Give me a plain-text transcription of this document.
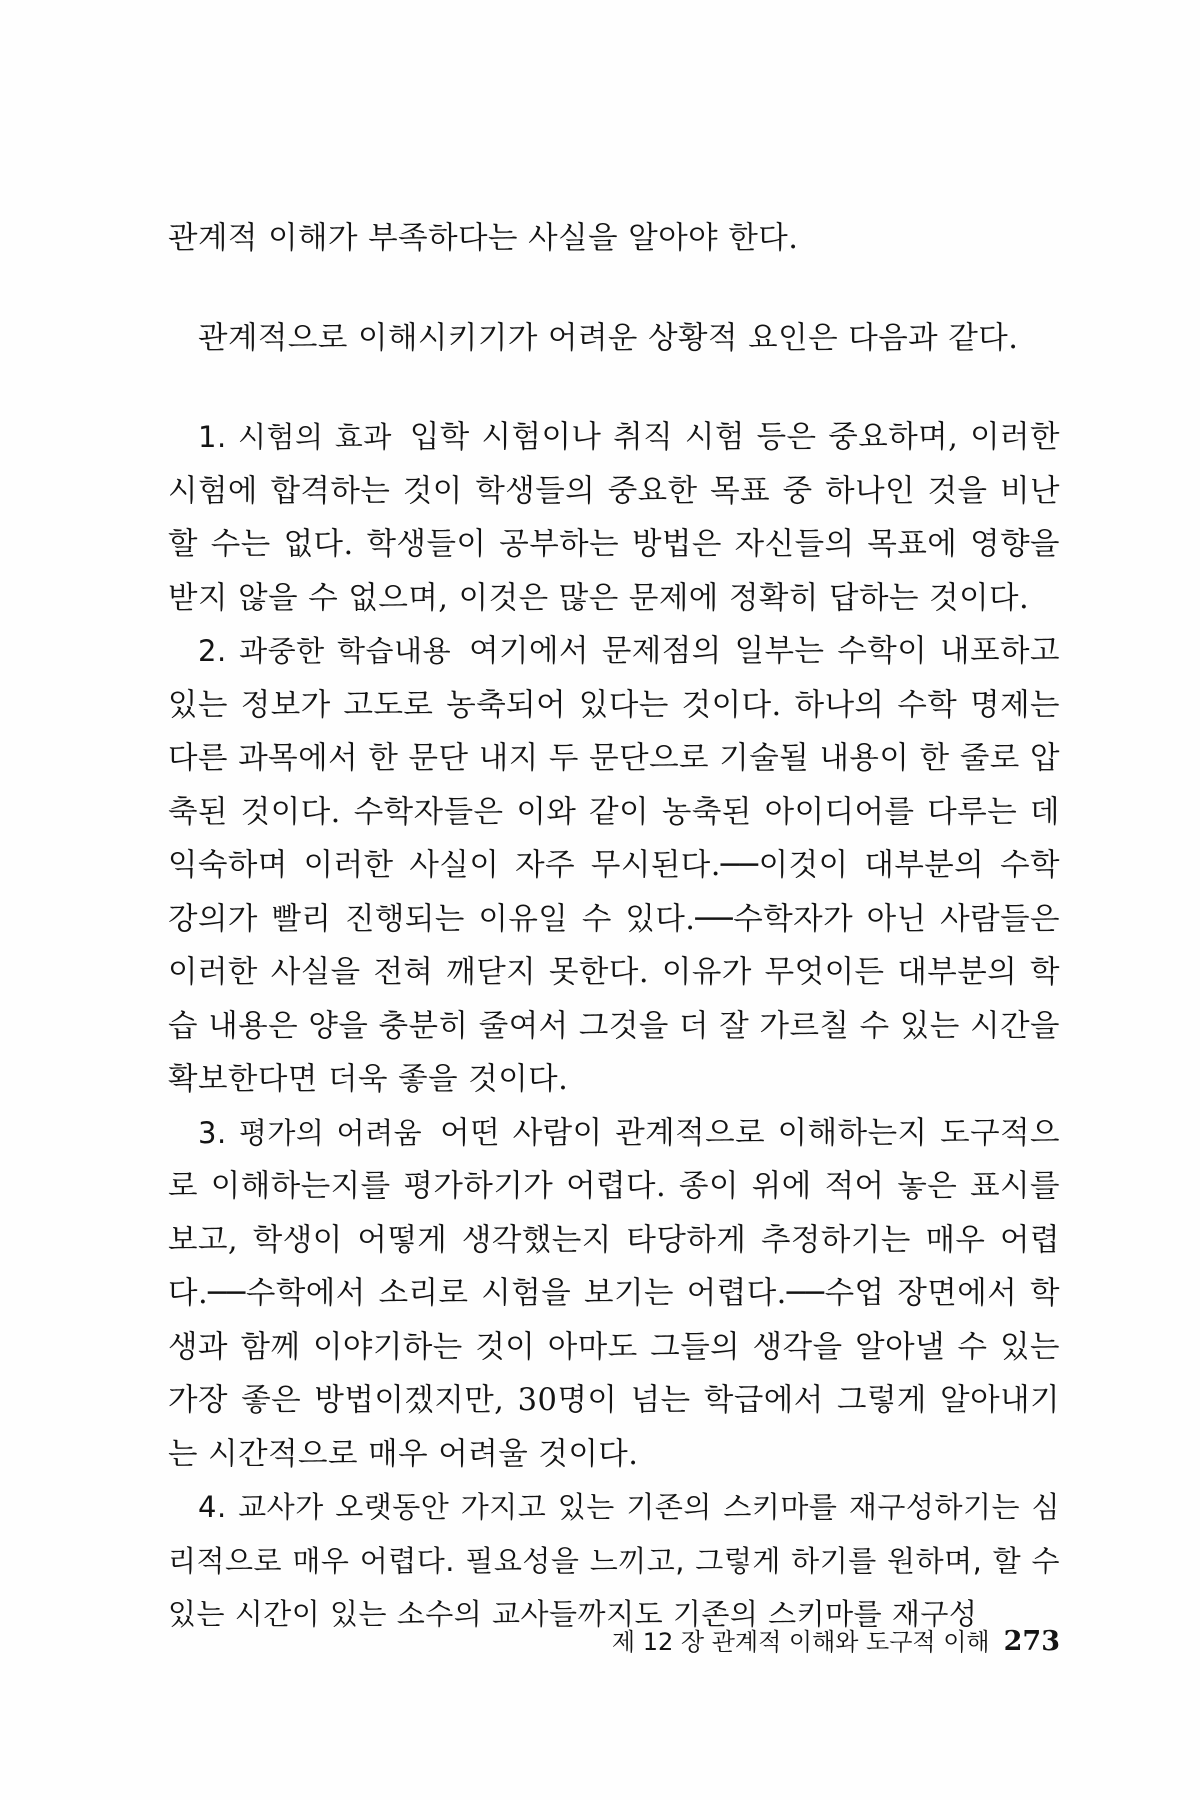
관계적 이해가 부족하다는 사실을 알아야 한다.

관계적으로 이해시키기가 어려운 상황적 요인은 다음과 같다.

1. 시험의 효과 입학 시험이나 취직 시험 등은 중요하며, 이러한 시험에 합격하는 것이 학생들의 중요한 목표 중 하나인 것을 비난할 수는 없다. 학생들이 공부하는 방법은 자신들의 목표에 영향을 받지 않을 수 없으며, 이것은 많은 문제에 정확히 답하는 것이다.

2. 과중한 학습내용 여기에서 문제점의 일부는 수학이 내포하고 있는 정보가 고도로 농축되어 있다는 것이다. 하나의 수학 명제는 다른 과목에서 한 문단 내지 두 문단으로 기술될 내용이 한 줄로 압축된 것이다. 수학자들은 이와 같이 농축된 아이디어를 다루는 데 익숙하며 이러한 사실이 자주 무시된다.──이것이 대부분의 수학 강의가 빨리 진행되는 이유일 수 있다.──수학자가 아닌 사람들은 이러한 사실을 전혀 깨닫지 못한다. 이유가 무엇이든 대부분의 학습 내용은 양을 충분히 줄여서 그것을 더 잘 가르칠 수 있는 시간을 확보한다면 더욱 좋을 것이다.

3. 평가의 어려움 어떤 사람이 관계적으로 이해하는지 도구적으로 이해하는지를 평가하기가 어렵다. 종이 위에 적어 놓은 표시를 보고, 학생이 어떻게 생각했는지 타당하게 추정하기는 매우 어렵다.──수학에서 소리로 시험을 보기는 어렵다.──수업 장면에서 학생과 함께 이야기하는 것이 아마도 그들의 생각을 알아낼 수 있는 가장 좋은 방법이겠지만, 30명이 넘는 학급에서 그렇게 알아내기는 시간적으로 매우 어려울 것이다.

4. 교사가 오랫동안 가지고 있는 기존의 스키마를 재구성하기는 심리적으로 매우 어렵다. 필요성을 느끼고, 그렇게 하기를 원하며, 할 수 있는 시간이 있는 소수의 교사들까지도 기존의 스키마를 재구성

제 12 장 관계적 이해와 도구적 이해 273
